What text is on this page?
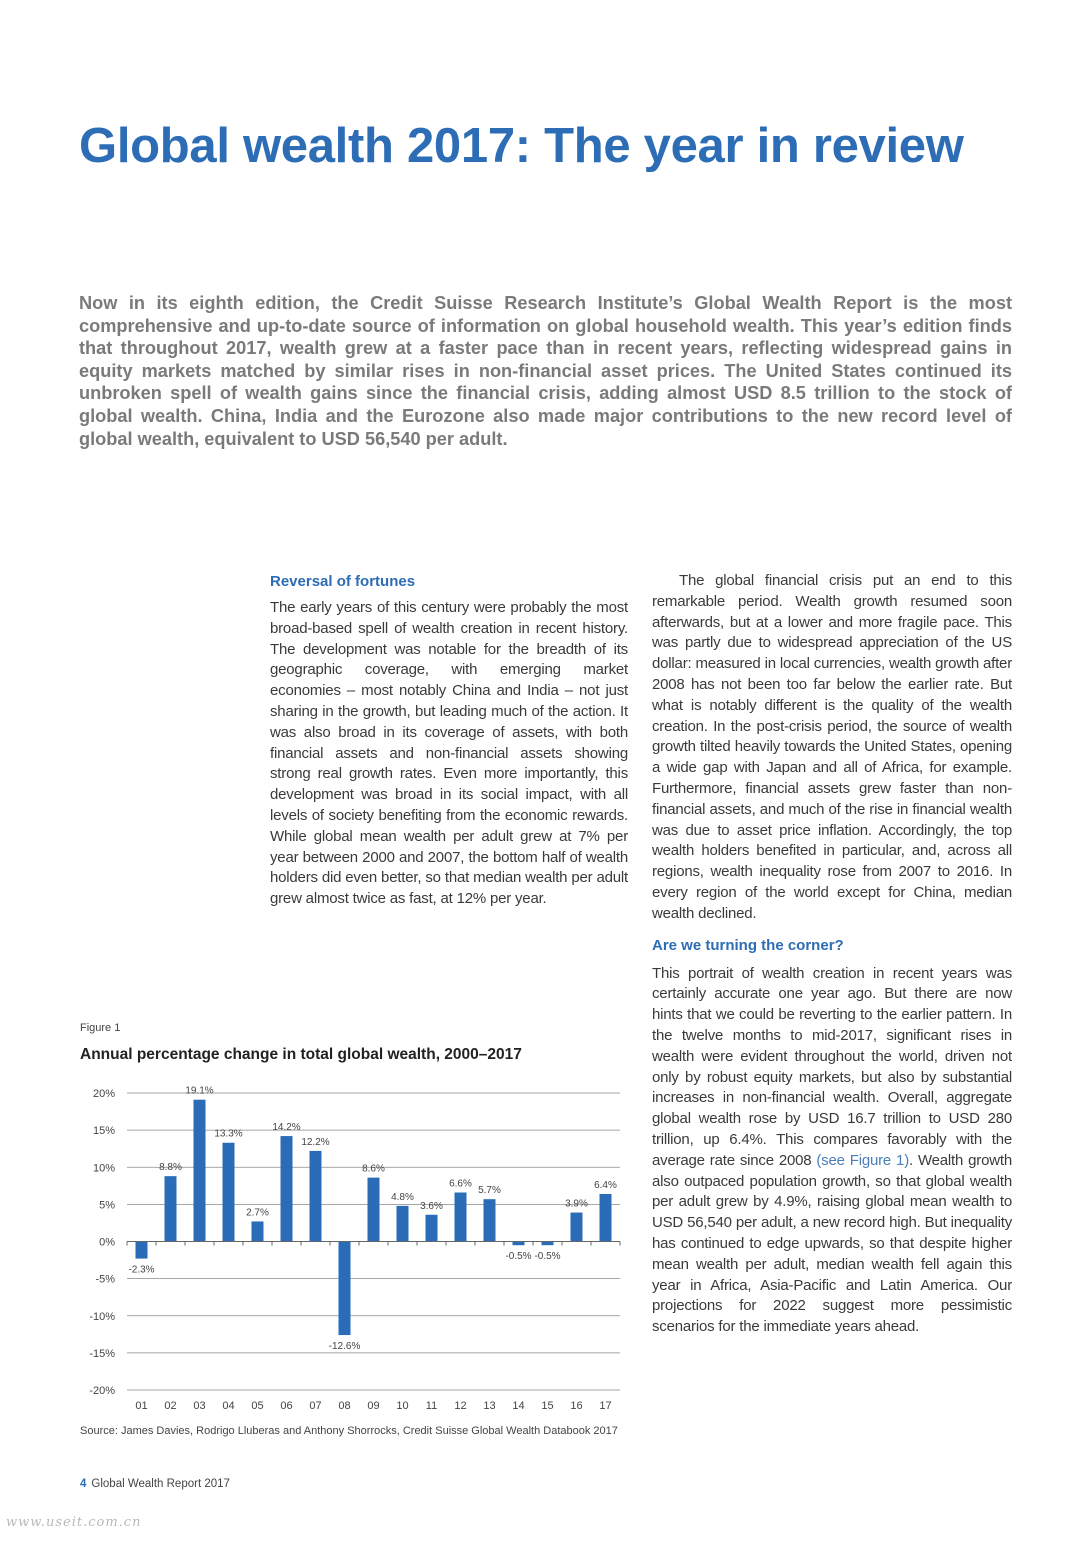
Global wealth 2017: The year in review

Now in its eighth edition, the Credit Suisse Research Institute’s Global Wealth Report is the most comprehensive and up-to-date source of information on global household wealth. This year’s edition finds that throughout 2017, wealth grew at a faster pace than in recent years, reflecting widespread gains in equity markets matched by similar rises in non-financial asset prices. The United States continued its unbroken spell of wealth gains since the financial crisis, adding almost USD 8.5 trillion to the stock of global wealth. China, India and the Eurozone also made major contributions to the new record level of global wealth, equivalent to USD 56,540 per adult.

Reversal of fortunes

The early years of this century were probably the most broad-based spell of wealth creation in recent history. The development was notable for the breadth of its geographic coverage, with emerging market economies – most notably China and India – not just sharing in the growth, but leading much of the action. It was also broad in its coverage of assets, with both financial assets and non-financial assets showing strong real growth rates. Even more importantly, this development was broad in its social impact, with all levels of society benefiting from the economic rewards. While global mean wealth per adult grew at 7% per year between 2000 and 2007, the bottom half of wealth holders did even better, so that median wealth per adult grew almost twice as fast, at 12% per year.

The global financial crisis put an end to this remarkable period. Wealth growth resumed soon afterwards, but at a lower and more fragile pace. This was partly due to widespread appreciation of the US dollar: measured in local currencies, wealth growth after 2008 has not been too far below the earlier rate. But what is notably different is the quality of the wealth creation. In the post-crisis period, the source of wealth growth tilted heavily towards the United States, opening a wide gap with Japan and all of Africa, for example. Furthermore, financial assets grew faster than non-financial assets, and much of the rise in financial wealth was due to asset price inflation. Accordingly, the top wealth holders benefited in particular, and, across all regions, wealth inequality rose from 2007 to 2016. In every region of the world except for China, median wealth declined.

Are we turning the corner?

This portrait of wealth creation in recent years was certainly accurate one year ago. But there are now hints that we could be reverting to the earlier pattern. In the twelve months to mid-2017, significant rises in wealth were evident throughout the world, driven not only by robust equity markets, but also by substantial increases in non-financial wealth. Overall, aggregate global wealth rose by USD 16.7 trillion to USD 280 trillion, up 6.4%. This compares favorably with the average rate since 2008 (see Figure 1). Wealth growth also outpaced population growth, so that global wealth per adult grew by 4.9%, raising global mean wealth to USD 56,540 per adult, a new record high. But inequality has continued to edge upwards, so that despite higher mean wealth per adult, median wealth fell again this year in Africa, Asia-Pacific and Latin America. Our projections for 2022 suggest more pessimistic scenarios for the immediate years ahead.

Figure 1

Annual percentage change in total global wealth, 2000–2017

20%
15%
10%
5%
0%
-5%
-10%
-15%
-20%
-2.3%
8.8%
19.1%
13.3%
2.7%
14.2%
12.2%
-12.6%
8.6%
4.8%
3.6%
6.6%
5.7%
-0.5% -0.5%
3.9%
6.4%
01 02 03 04 05 06 07 08 09 10 11 12 13 14 15 16 17

Source: James Davies, Rodrigo Lluberas and Anthony Shorrocks, Credit Suisse Global Wealth Databook 2017

4 Global Wealth Report 2017

www.useit.com.cn
